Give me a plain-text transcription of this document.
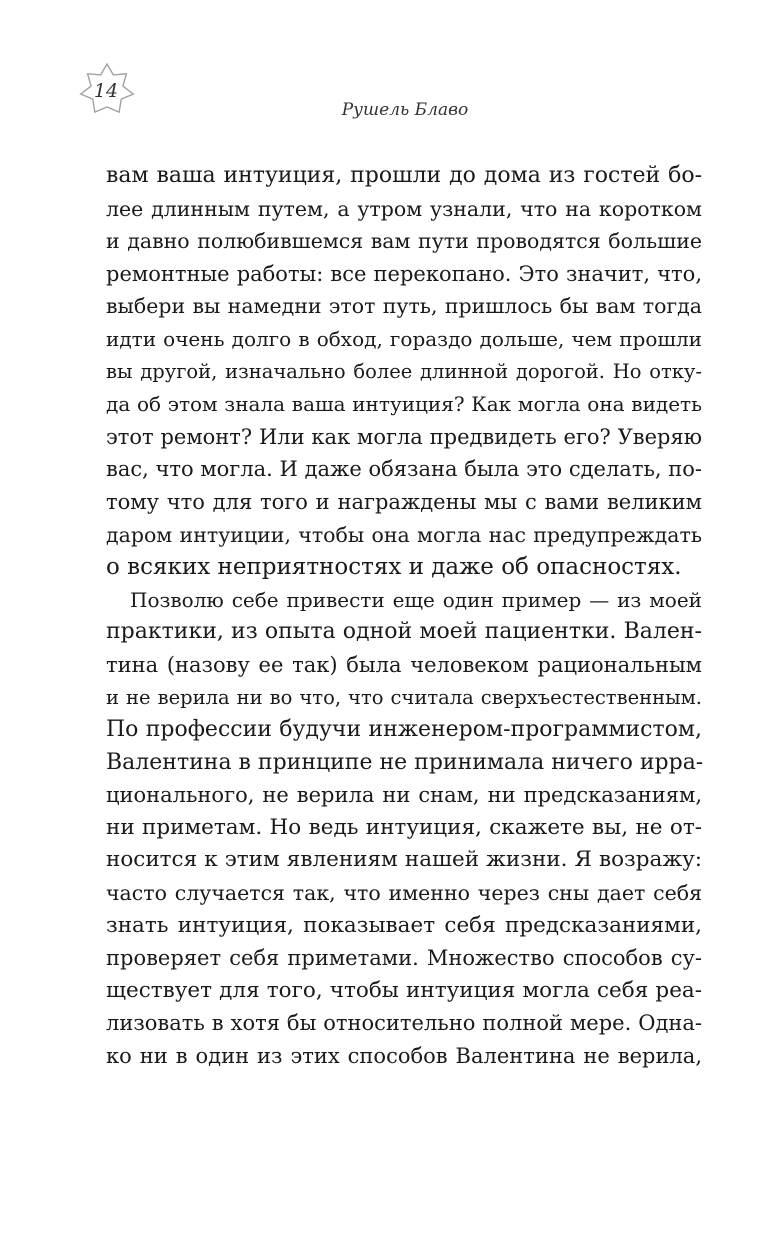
14
Рушель Блаво
вам ваша интуиция, прошли до дома из гостей бо-
лее длинным путем, а утром узнали, что на коротком
и давно полюбившемся вам пути проводятся большие
ремонтные работы: все перекопано. Это значит, что,
выбери вы намедни этот путь, пришлось бы вам тогда
идти очень долго в обход, гораздо дольше, чем прошли
вы другой, изначально более длинной дорогой. Но отку-
да об этом знала ваша интуиция? Как могла она видеть
этот ремонт? Или как могла предвидеть его? Уверяю
вас, что могла. И даже обязана была это сделать, по-
тому что для того и награждены мы с вами великим
даром интуиции, чтобы она могла нас предупреждать
о всяких неприятностях и даже об опасностях.
Позволю себе привести еще один пример — из моей
практики, из опыта одной моей пациентки. Вален-
тина (назову ее так) была человеком рациональным
и не верила ни во что, что считала сверхъестественным.
По профессии будучи инженером-программистом,
Валентина в принципе не принимала ничего ирра-
ционального, не верила ни снам, ни предсказаниям,
ни приметам. Но ведь интуиция, скажете вы, не от-
носится к этим явлениям нашей жизни. Я возражу:
часто случается так, что именно через сны дает себя
знать интуиция, показывает себя предсказаниями,
проверяет себя приметами. Множество способов су-
ществует для того, чтобы интуиция могла себя реа-
лизовать в хотя бы относительно полной мере. Одна-
ко ни в один из этих способов Валентина не верила,
